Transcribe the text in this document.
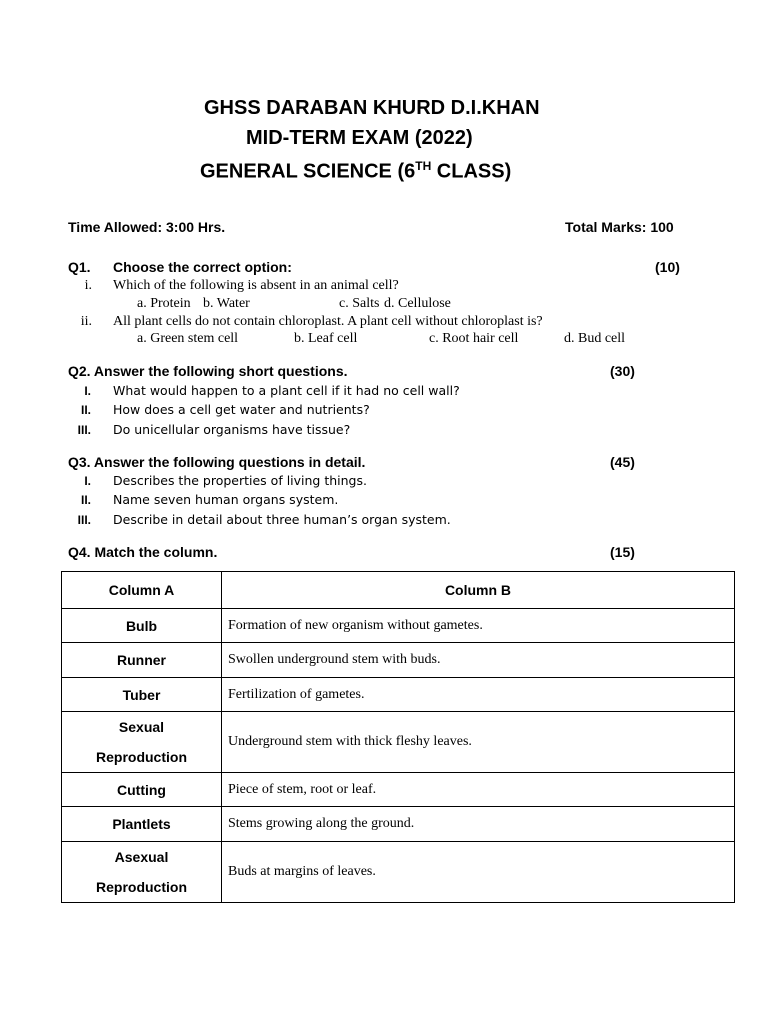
GHSS DARABAN KHURD D.I.KHAN
MID-TERM EXAM (2022)
GENERAL SCIENCE (6TH CLASS)
Time Allowed: 3:00 Hrs.	Total Marks: 100
Q1. Choose the correct option:	(10)
i. Which of the following is absent in an animal cell?
a. Protein b. Water	c. Salts d. Cellulose
ii. All plant cells do not contain chloroplast. A plant cell without chloroplast is?
a. Green stem cell	b. Leaf cell	c. Root hair cell	d. Bud cell
Q2. Answer the following short questions.	(30)
I. What would happen to a plant cell if it had no cell wall?
II. How does a cell get water and nutrients?
III. Do unicellular organisms have tissue?
Q3. Answer the following questions in detail.	(45)
I. Describes the properties of living things.
II. Name seven human organs system.
III. Describe in detail about three human’s organ system.
Q4. Match the column.	(15)
Column A	Column B
Bulb	Formation of new organism without gametes.
Runner	Swollen underground stem with buds.
Tuber	Fertilization of gametes.

Sexual
Reproduction	Underground stem with thick fleshy leaves.
Cutting	Piece of stem, root or leaf.
Plantlets	Stems growing along the ground.

Asexual
Reproduction	Buds at margins of leaves.
